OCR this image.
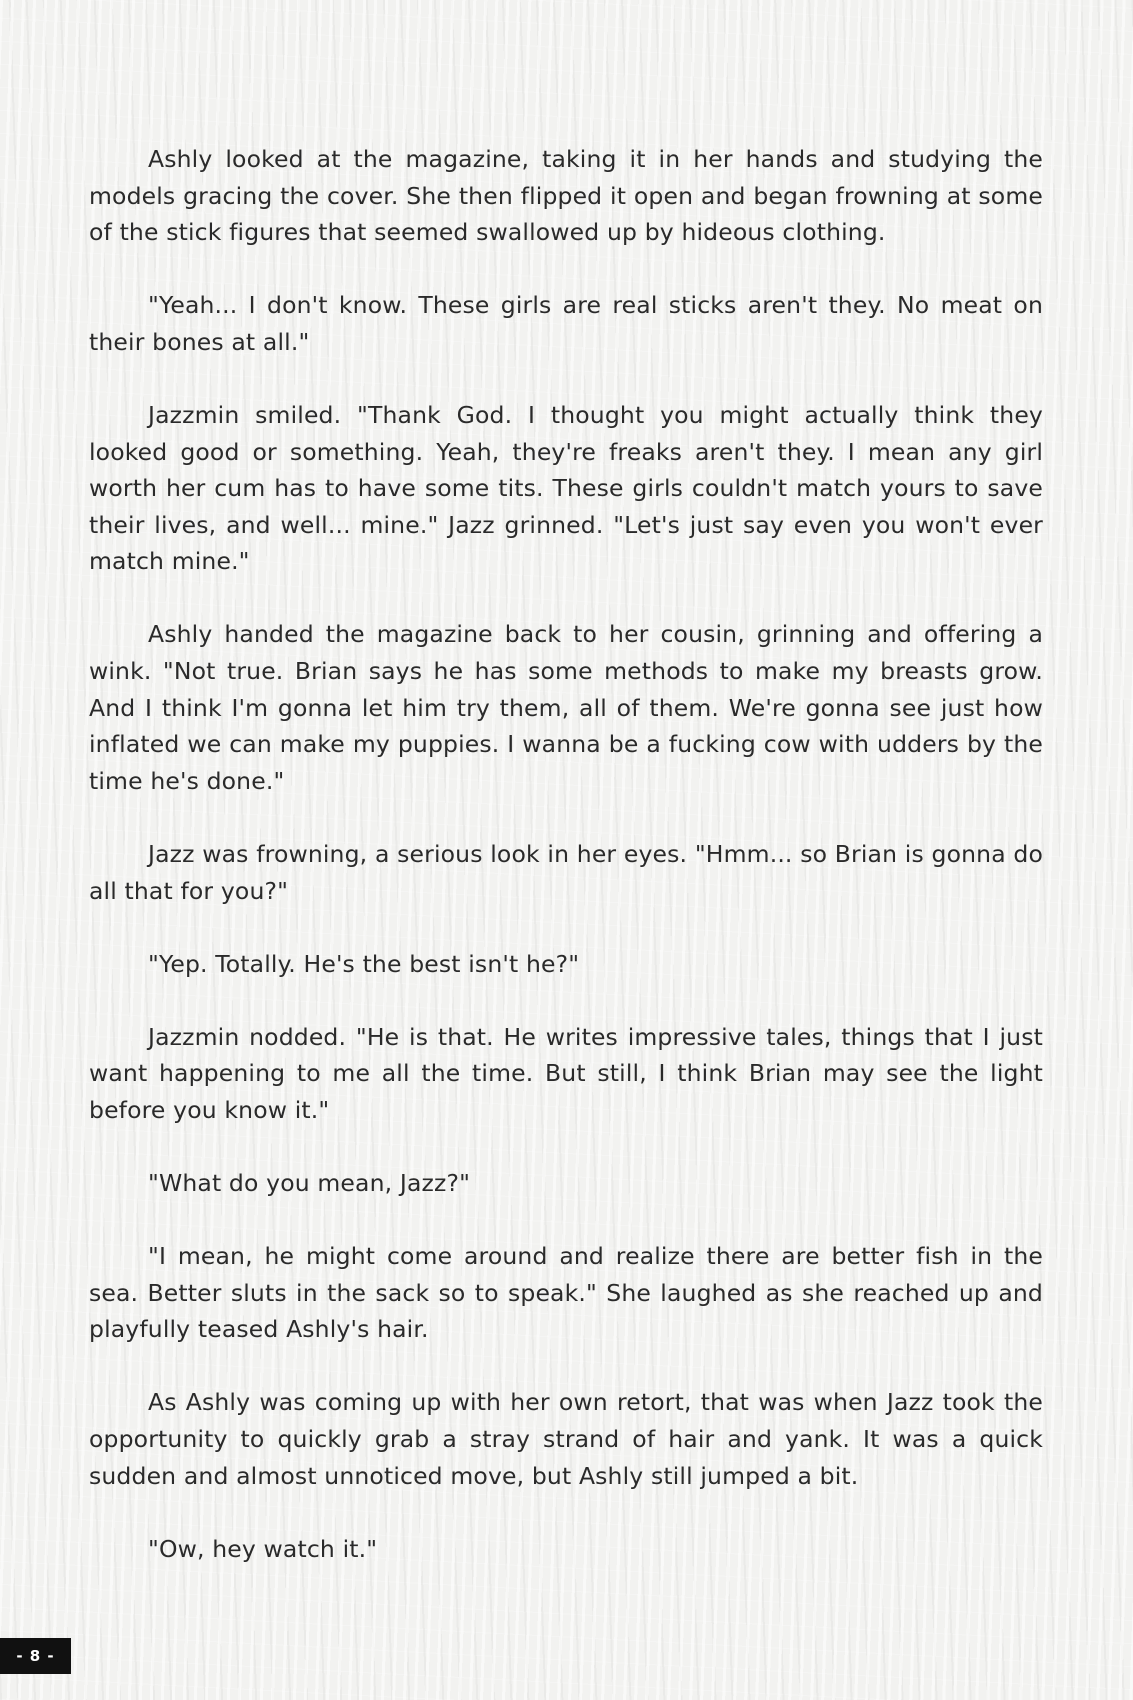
Ashly looked at the magazine, taking it in her hands and studying the models gracing the cover. She then flipped it open and began frowning at some of the stick figures that seemed swallowed up by hideous clothing.

"Yeah... I don't know. These girls are real sticks aren't they. No meat on their bones at all."

Jazzmin smiled. "Thank God. I thought you might actually think they looked good or something. Yeah, they're freaks aren't they. I mean any girl worth her cum has to have some tits. These girls couldn't match yours to save their lives, and well... mine." Jazz grinned. "Let's just say even you won't ever match mine."

Ashly handed the magazine back to her cousin, grinning and offering a wink. "Not true. Brian says he has some methods to make my breasts grow. And I think I'm gonna let him try them, all of them. We're gonna see just how inflated we can make my puppies. I wanna be a fucking cow with udders by the time he's done."

Jazz was frowning, a serious look in her eyes. "Hmm... so Brian is gonna do all that for you?"

"Yep. Totally. He's the best isn't he?"

Jazzmin nodded. "He is that. He writes impressive tales, things that I just want happening to me all the time. But still, I think Brian may see the light before you know it."

"What do you mean, Jazz?"

"I mean, he might come around and realize there are better fish in the sea. Better sluts in the sack so to speak." She laughed as she reached up and playfully teased Ashly's hair.

As Ashly was coming up with her own retort, that was when Jazz took the opportunity to quickly grab a stray strand of hair and yank. It was a quick sudden and almost unnoticed move, but Ashly still jumped a bit.

"Ow, hey watch it."

- 8 -
